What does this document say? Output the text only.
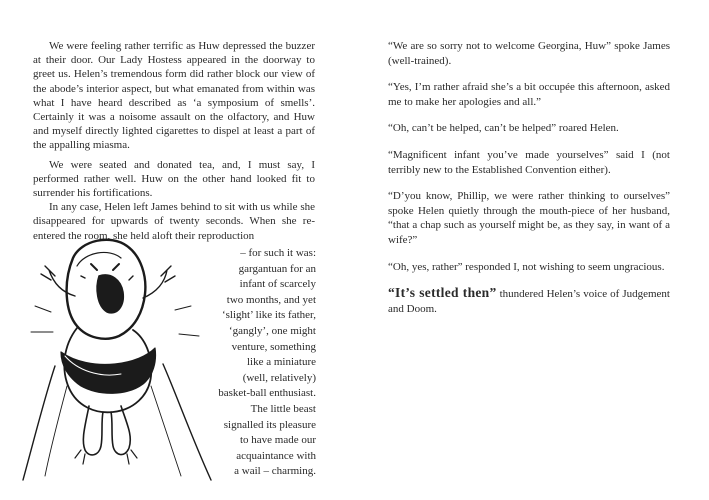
We were feeling rather terrific as Huw depressed the buzzer at their door. Our Lady Hostess appeared in the doorway to greet us. Helen’s tremendous form did rather block our view of the abode’s interior aspect, but what emanated from within was what I have heard described as ‘a symposium of smells’. Certainly it was a noisome assault on the olfactory, and Huw and myself directly lighted cigarettes to dispel at least a part of the appalling miasma.

We were seated and donated tea, and, I must say, I performed rather well. Huw on the other hand looked fit to surrender his fortifications.

In any case, Helen left James behind to sit with us while she disappeared for upwards of twenty seconds. When she re-entered the room, she held aloft their reproduction

– for such it was:
gargantuan for an
infant of scarcely
two months, and yet
‘slight’ like its father,
‘gangly’, one might
venture, something
like a miniature
(well, relatively)
basket-ball enthusiast.
The little beast
signalled its pleasure
to have made our
acquaintance with
a wail – charming.

“We are so sorry not to welcome Georgina, Huw” spoke James (well-trained).

“Yes, I’m rather afraid she’s a bit occupée this afternoon, asked me to make her apologies and all.”

“Oh, can’t be helped, can’t be helped” roared Helen.

“Magnificent infant you’ve made yourselves” said I (not terribly new to the Established Convention either).

“D’you know, Phillip, we were rather thinking to ourselves” spoke Helen quietly through the mouth-piece of her husband, “that a chap such as yourself might be, as they say, in want of a wife?”

“Oh, yes, rather” responded I, not wishing to seem ungracious.

“It’s settled then” thundered Helen’s voice of Judgement and Doom.
